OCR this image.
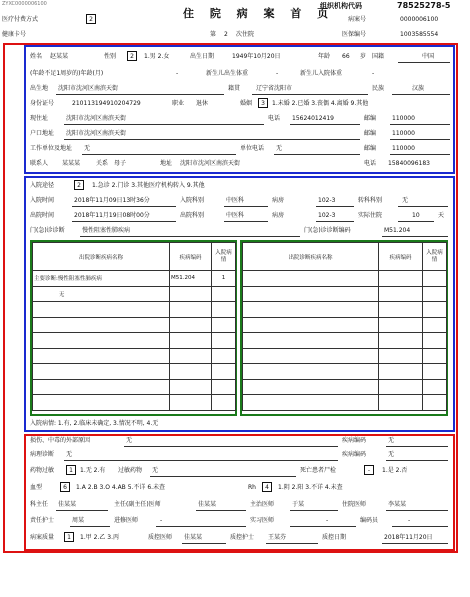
ZYXC0000006100
住 院 病 案 首 页
组织机构代码	78525278-5
医疗付费方式	2	病案号	0000006100
健康卡号	第 2 次住院	医保编号	1003585554
姓名 赵某某	性别	2	1.男 2.女	出生日期	1949年10月20日	年龄 66 岁 国籍	中国
(年龄不足1周岁的)年龄(月)	-	新生儿出生体重	-	新生儿入院体重	-
出生地 沈阳市沈河区南滨天街	籍贯	辽宁省沈阳市	民族	汉族
身份证号	210113194910204729	职业 退休	婚姻	3	1.未婚 2.已婚 3.丧偶 4.离婚 9.其他
现住址	沈阳市沈河区南滨天街	电话 15624012419	邮编	110000
户口地址 沈阳市沈河区南滨天街	邮编	110000
工作单位及地址 无	单位电话 无	邮编	110000
联系人 某某某	关系 母子	地址 沈阳市沈河区南滨天街	电话 15840096183
入院途径	2	1.急诊 2.门诊 3.其他医疗机构转入 9.其他
入院时间	2018年11月09日13时36分	入院科别	中医科	病房	102-3	转科科别	无
出院时间	2018年11月19日08时00分	出院科别	中医科	病房	102-3	实际住院	10	天
门(急)诊诊断	慢性阻塞性肺疾病	门(急)诊诊断编码	M51.204
出院诊断疾病名称	疾病编码	入院病情
主要诊断:慢性阻塞性肺疾病	M51.204	1
无		

出院诊断疾病名称	疾病编码	入院病情

入院病情: 1.有, 2.临床未确定, 3.情况不明, 4.无
损伤、中毒的外部原因	无	疾病编码	无
病理诊断 无	疾病编码	无
药物过敏	1	1.无 2.有 过敏药物 无	死亡患者尸检	-	1.是 2.否
血型	6	1.A 2.B 3.O 4.AB 5.不详 6.未查	Rh	4	1.阴 2.阳 3.不详 4.未查
科主任 佳某某	主任(副主任)医师	佳某某	主治医师	于某	住院医师	李某某
责任护士	周某	进修医师	-	实习医师	-	编码员	-
病案质量	1	1.甲 2.乙 3.丙	质控医师 佳某某	质控护士 王某芬	质控日期	2018年11月20日
